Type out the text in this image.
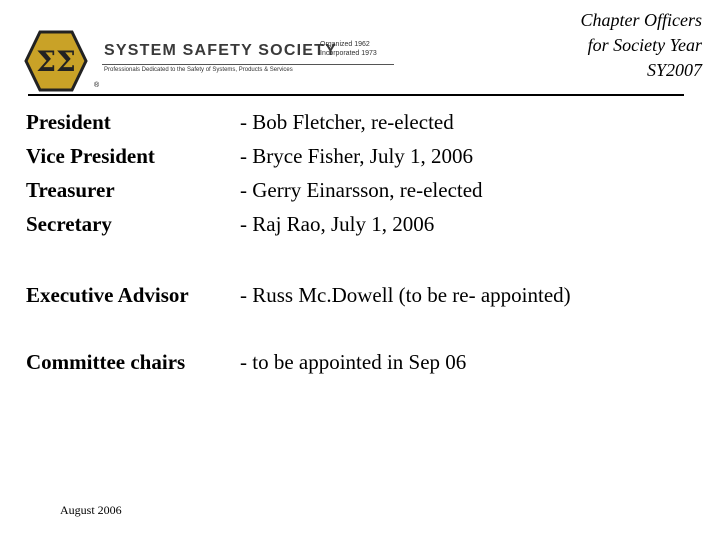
ΣΣ
®
SYSTEM SAFETY SOCIETY
Professionals Dedicated to the Safety of Systems, Products & Services
Organized 1962
Incorporated 1973
Chapter Officers
for Society Year
SY2007
President	- Bob Fletcher, re-elected
Vice President	- Bryce Fisher, July 1, 2006
Treasurer	- Gerry Einarsson, re-elected
Secretary	- Raj Rao, July 1, 2006
Executive Advisor - Russ Mc.Dowell (to be re- appointed)
Committee chairs	- to be appointed in Sep 06
August 2006
